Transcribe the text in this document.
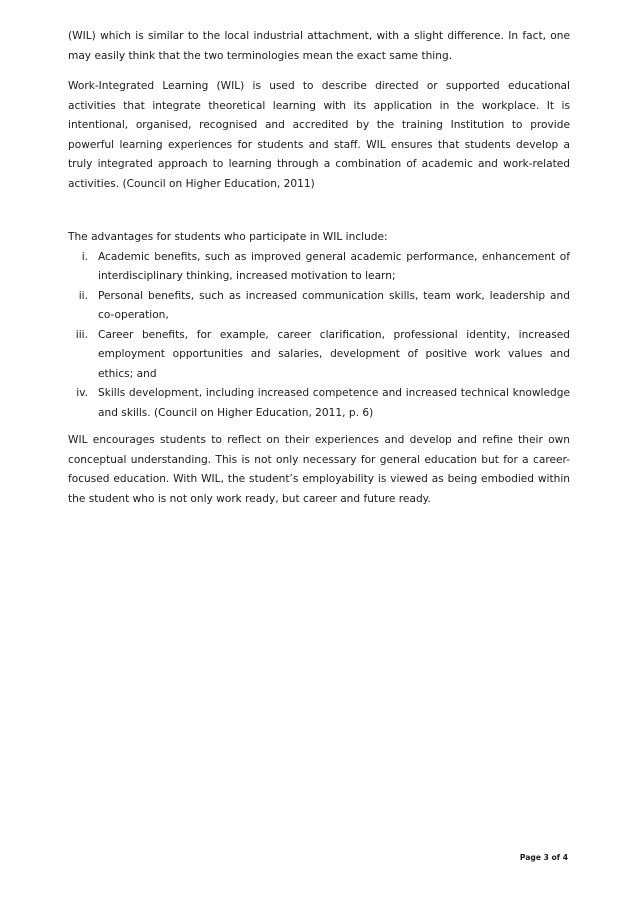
(WIL) which is similar to the local industrial attachment, with a slight difference. In fact, one may easily think that the two terminologies mean the exact same thing.

Work-Integrated Learning (WIL) is used to describe directed or supported educational activities that integrate theoretical learning with its application in the workplace. It is intentional, organised, recognised and accredited by the training Institution to provide powerful learning experiences for students and staff. WIL ensures that students develop a truly integrated approach to learning through a combination of academic and work-related activities. (Council on Higher Education, 2011)

The advantages for students who participate in WIL include:

i. Academic benefits, such as improved general academic performance, enhancement of interdisciplinary thinking, increased motivation to learn;
ii. Personal benefits, such as increased communication skills, team work, leadership and co-operation,
iii. Career benefits, for example, career clarification, professional identity, increased employment opportunities and salaries, development of positive work values and ethics; and
iv. Skills development, including increased competence and increased technical knowledge and skills. (Council on Higher Education, 2011, p. 6)

WIL encourages students to reflect on their experiences and develop and refine their own conceptual understanding. This is not only necessary for general education but for a career-focused education. With WIL, the student’s employability is viewed as being embodied within the student who is not only work ready, but career and future ready.

Page 3 of 4
